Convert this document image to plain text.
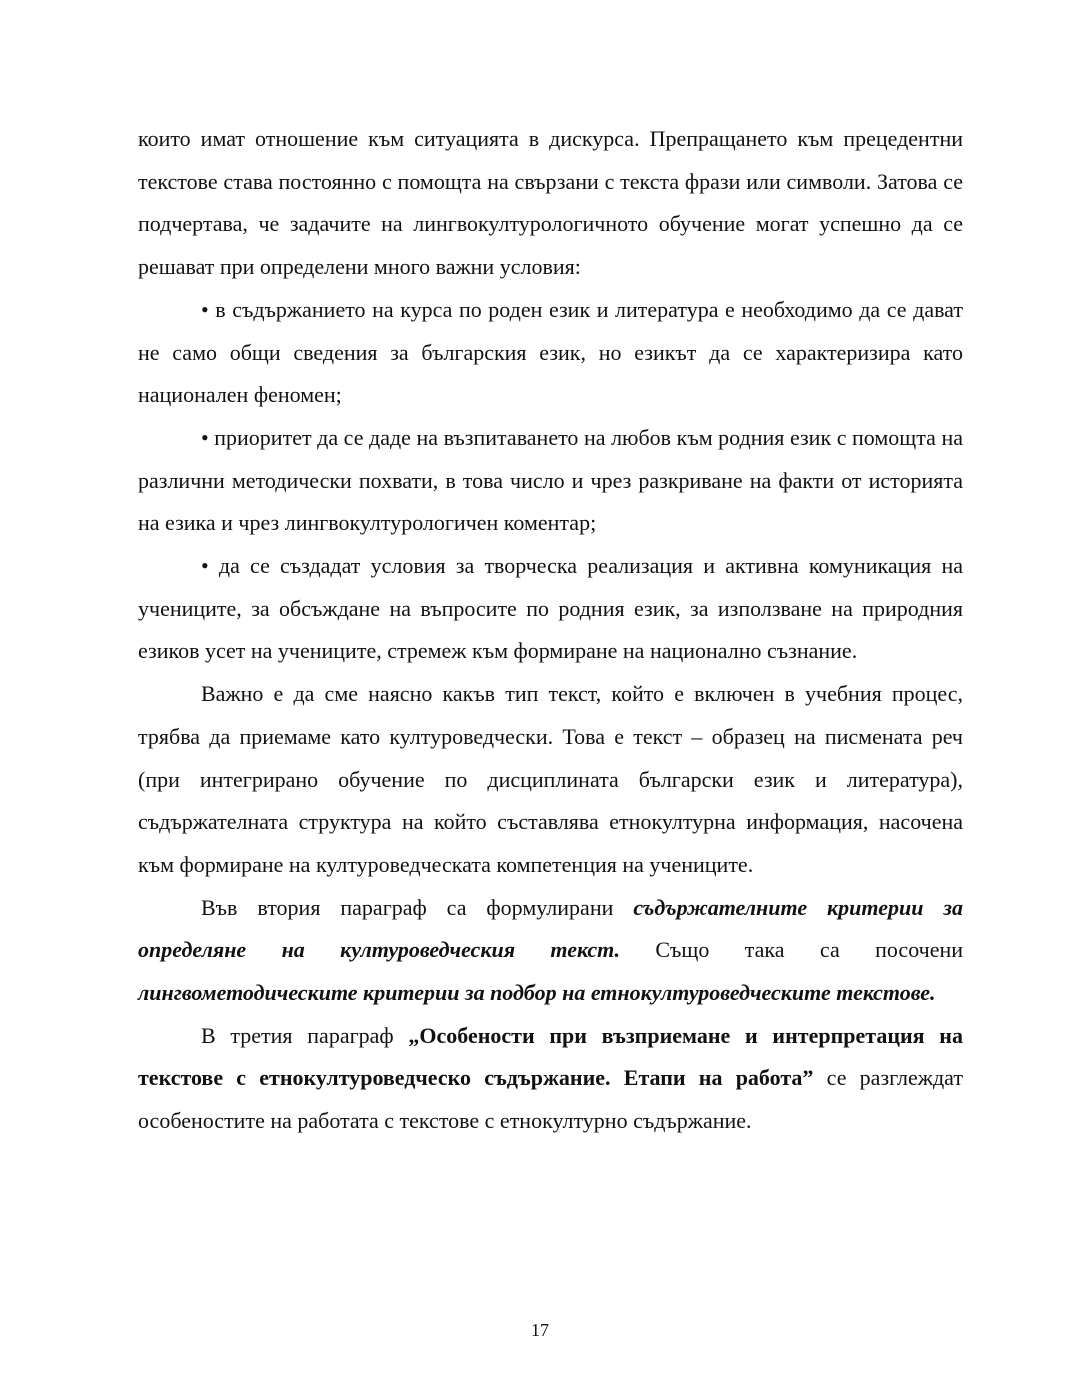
които имат отношение към ситуацията в дискурса. Препращането към прецедентни текстове става постоянно с помощта на свързани с текста фрази или символи. Затова се подчертава, че задачите на лингвокултурологичното обучение могат успешно да се решават при определени много важни условия:

• в съдържанието на курса по роден език и литература е необходимо да се дават не само общи сведения за българския език, но езикът да се характеризира като национален феномен;

• приоритет да се даде на възпитаването на любов към родния език с помощта на различни методически похвати, в това число и чрез разкриване на факти от историята на езика и чрез лингвокултурологичен коментар;

• да се създадат условия за творческа реализация и активна комуникация на учениците, за обсъждане на въпросите по родния език, за използване на природния езиков усет на учениците, стремеж към формиране на национално съзнание.

Важно е да сме наясно какъв тип текст, който е включен в учебния процес, трябва да приемаме като културоведчески. Това е текст – образец на писмената реч (при интегрирано обучение по дисциплината български език и литература), съдържателната структура на който съставлява етнокултурна информация, насочена към формиране на културоведческата компетенция на учениците.

Във втория параграф са формулирани съдържателните критерии за определяне на културоведческия текст. Също така са посочени лингвометодическите критерии за подбор на етнокултуроведческите текстове.

В третия параграф „Особености при възприемане и интерпретация на текстове с етнокултуроведческо съдържание. Етапи на работа” се разглеждат особеностите на работата с текстове с етнокултурно съдържание.

17
